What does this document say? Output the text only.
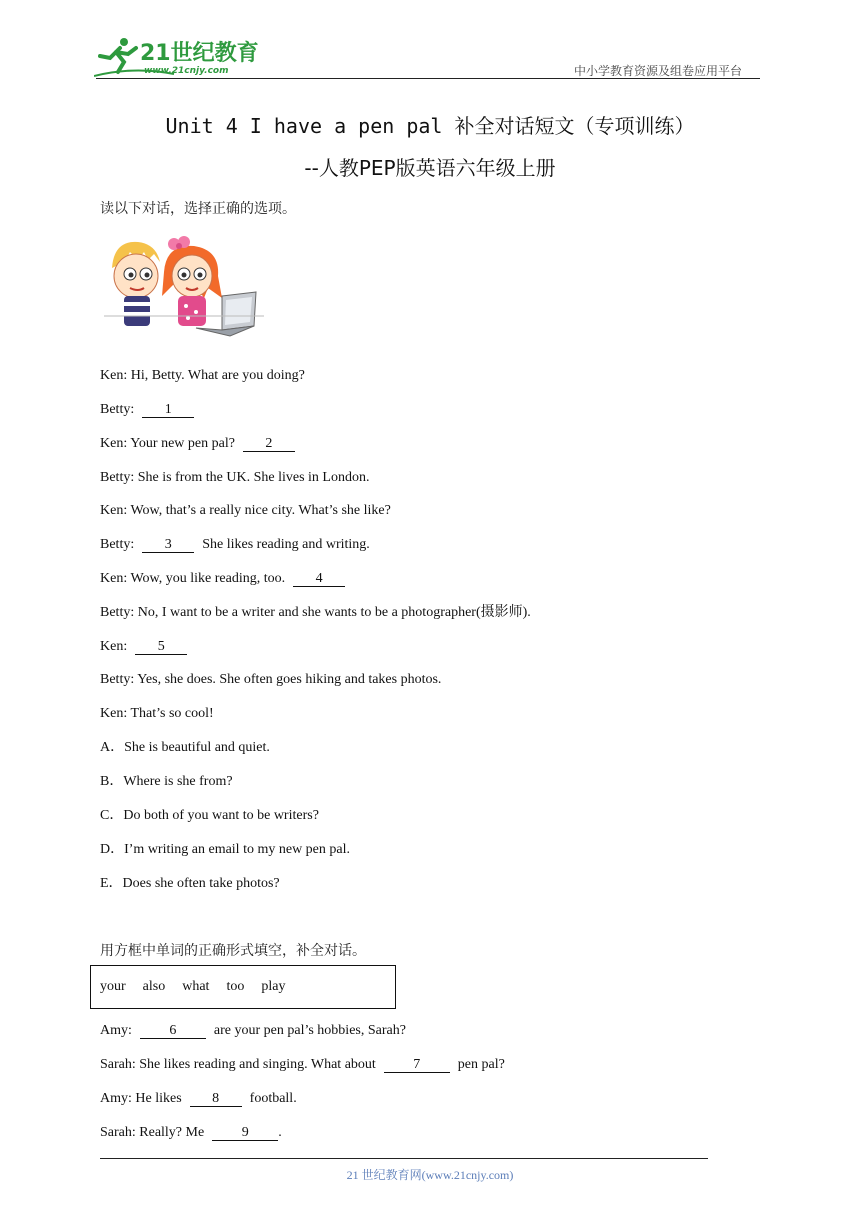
21世纪教育
www.21cnjy.com	中小学教育资源及组卷应用平台
Unit 4 I have a pen pal 补全对话短文（专项训练）
--人教PEP版英语六年级上册
读以下对话，选择正确的选项。
Ken: Hi, Betty. What are you doing?
Betty: 1
Ken: Your new pen pal? 2
Betty: She is from the UK. She lives in London.
Ken: Wow, that’s a really nice city. What’s she like?
Betty: 3 She likes reading and writing.
Ken: Wow, you like reading, too. 4
Betty: No, I want to be a writer and she wants to be a photographer(摄影师).
Ken: 5
Betty: Yes, she does. She often goes hiking and takes photos.
Ken: That’s so cool!
A．She is beautiful and quiet.
B．Where is she from?
C．Do both of you want to be writers?
D．I’m writing an email to my new pen pal.
E．Does she often take photos?
用方框中单词的正确形式填空，补全对话。
your also what too play
Amy:	6	are your pen pal’s hobbies, Sarah?
Sarah: She likes reading and singing. What about	7	pen pal?
Amy: He likes 8 football.
Sarah: Really? Me	9 .
21 世纪教育网(www.21cnjy.com)
